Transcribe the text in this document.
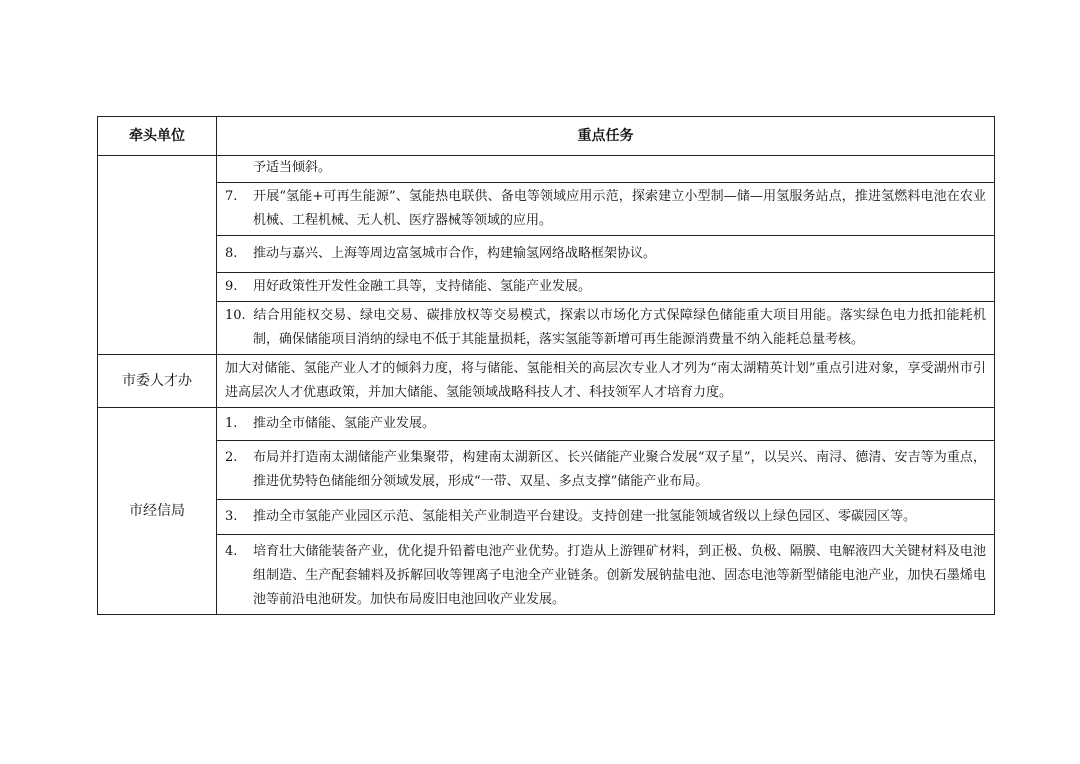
牵头单位	重点任务
	予适当倾斜。
	7. 开展“氢能+可再生能源”、氢能热电联供、备电等领域应用示范，探索建立小型制—储—用氢服务站点，推进氢燃料电池在农业机械、工程机械、无人机、医疗器械等领域的应用。
	8. 推动与嘉兴、上海等周边富氢城市合作，构建输氢网络战略框架协议。
	9. 用好政策性开发性金融工具等，支持储能、氢能产业发展。
	10. 结合用能权交易、绿电交易、碳排放权等交易模式，探索以市场化方式保障绿色储能重大项目用能。落实绿色电力抵扣能耗机制，确保储能项目消纳的绿电不低于其能量损耗，落实氢能等新增可再生能源消费量不纳入能耗总量考核。
市委人才办	加大对储能、氢能产业人才的倾斜力度，将与储能、氢能相关的高层次专业人才列为“南太湖精英计划”重点引进对象，享受湖州市引进高层次人才优惠政策，并加大储能、氢能领域战略科技人才、科技领军人才培育力度。
市经信局	1. 推动全市储能、氢能产业发展。
	2. 布局并打造南太湖储能产业集聚带，构建南太湖新区、长兴储能产业聚合发展“双子星”，以吴兴、南浔、德清、安吉等为重点，推进优势特色储能细分领域发展，形成“一带、双星、多点支撑”储能产业布局。
	3. 推动全市氢能产业园区示范、氢能相关产业制造平台建设。支持创建一批氢能领域省级以上绿色园区、零碳园区等。
	4. 培育壮大储能装备产业，优化提升铅蓄电池产业优势。打造从上游锂矿材料，到正极、负极、隔膜、电解液四大关键材料及电池组制造、生产配套辅料及拆解回收等锂离子电池全产业链条。创新发展钠盐电池、固态电池等新型储能电池产业，加快石墨烯电池等前沿电池研发。加快布局废旧电池回收产业发展。
